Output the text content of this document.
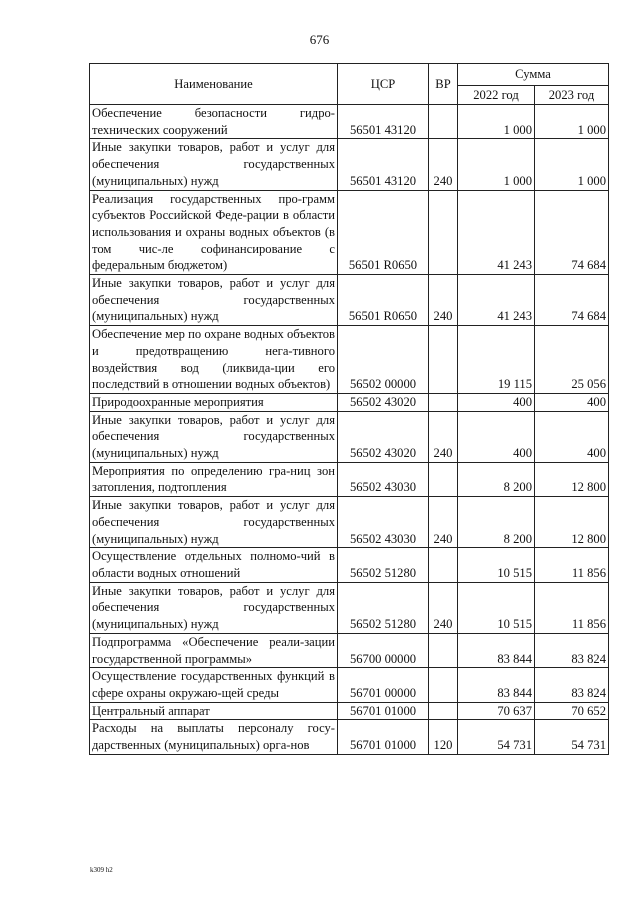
676
Наименование	ЦСР	ВР	Сумма	
			2022 год	2023 год
Обеспечение безопасности гидро-технических сооружений	56501 43120		1 000	1 000
Иные закупки товаров, работ и услуг для обеспечения государственных (муниципальных) нужд	56501 43120	240	1 000	1 000
Реализация государственных про-грамм субъектов Российской Феде-рации в области использования и охраны водных объектов (в том чис-ле софинансирование с федеральным бюджетом)	56501 R0650		41 243	74 684
Иные закупки товаров, работ и услуг для обеспечения государственных (муниципальных) нужд	56501 R0650	240	41 243	74 684
Обеспечение мер по охране водных объектов и предотвращению нега-тивного воздействия вод (ликвида-ции его последствий в отношении водных объектов)	56502 00000		19 115	25 056
Природоохранные мероприятия	56502 43020		400	400
Иные закупки товаров, работ и услуг для обеспечения государственных (муниципальных) нужд	56502 43020	240	400	400
Мероприятия по определению гра-ниц зон затопления, подтопления	56502 43030		8 200	12 800
Иные закупки товаров, работ и услуг для обеспечения государственных (муниципальных) нужд	56502 43030	240	8 200	12 800
Осуществление отдельных полномо-чий в области водных отношений	56502 51280		10 515	11 856
Иные закупки товаров, работ и услуг для обеспечения государственных (муниципальных) нужд	56502 51280	240	10 515	11 856
Подпрограмма «Обеспечение реали-зации государственной программы»	56700 00000		83 844	83 824
Осуществление государственных функций в сфере охраны окружаю-щей среды	56701 00000		83 844	83 824
Центральный аппарат	56701 01000		70 637	70 652
Расходы на выплаты персоналу госу-дарственных (муниципальных) орга-нов	56701 01000	120	54 731	54 731
k309 h2
